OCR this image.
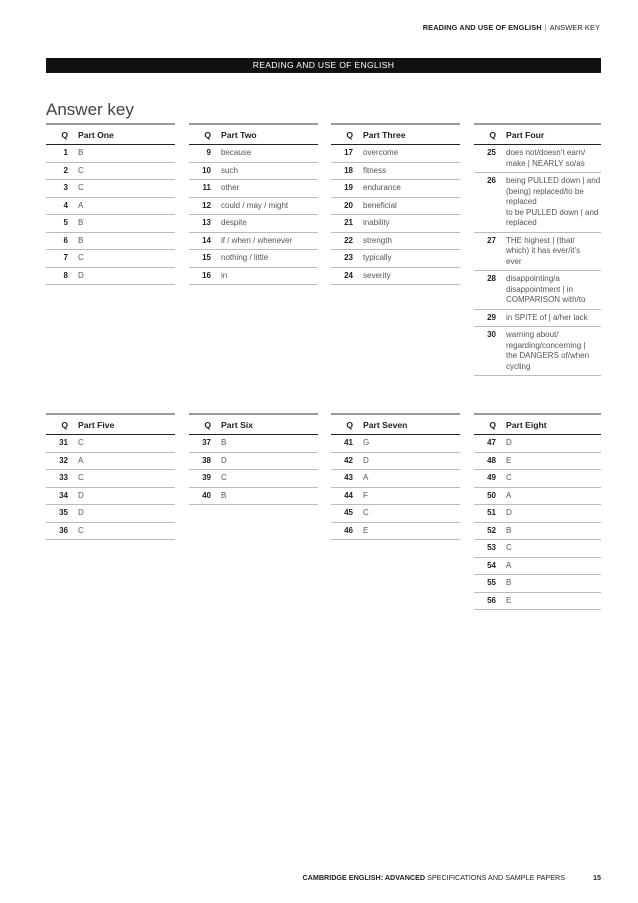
READING AND USE OF ENGLISH | ANSWER KEY
READING AND USE OF ENGLISH
Answer key
Q	Part One
1	B

2	C

3	C

4	A

5	B

6	B

7	C

8	D
Q	Part Two
9	because

10	such

11	other

12	could / may / might

13	despite

14	if / when / whenever

15	nothing / little

16	in
Q	Part Three
17	overcome

18	fitness

19	endurance

20	beneficial

21	inability

22	strength

23	typically

24	severity
Q	Part Four
25	does not/doesn’t earn/
make | NEARLY so/as

26	being PULLED down | and
(being) replaced/to be
replaced
to be PULLED down | and
replaced

27	THE highest | (that/
which) it has ever/it’s
ever

28	disappointing/a
disappointment | in
COMPARISON with/to

29	in SPITE of | a/her lack

30	warning about/
regarding/concerning |
the DANGERS of/when
cycling
Q	Part Five
31	C

32	A

33	C

34	D

35	D

36	C
Q	Part Six
37	B

38	D

39	C

40	B
Q	Part Seven
41	G

42	D

43	A

44	F

45	C

46	E
Q	Part Eight
47	D

48	E

49	C

50	A

51	D

52	B

53	C

54	A

55	B

56	E
CAMBRIDGE ENGLISH: ADVANCED SPECIFICATIONS AND SAMPLE PAPERS	15
